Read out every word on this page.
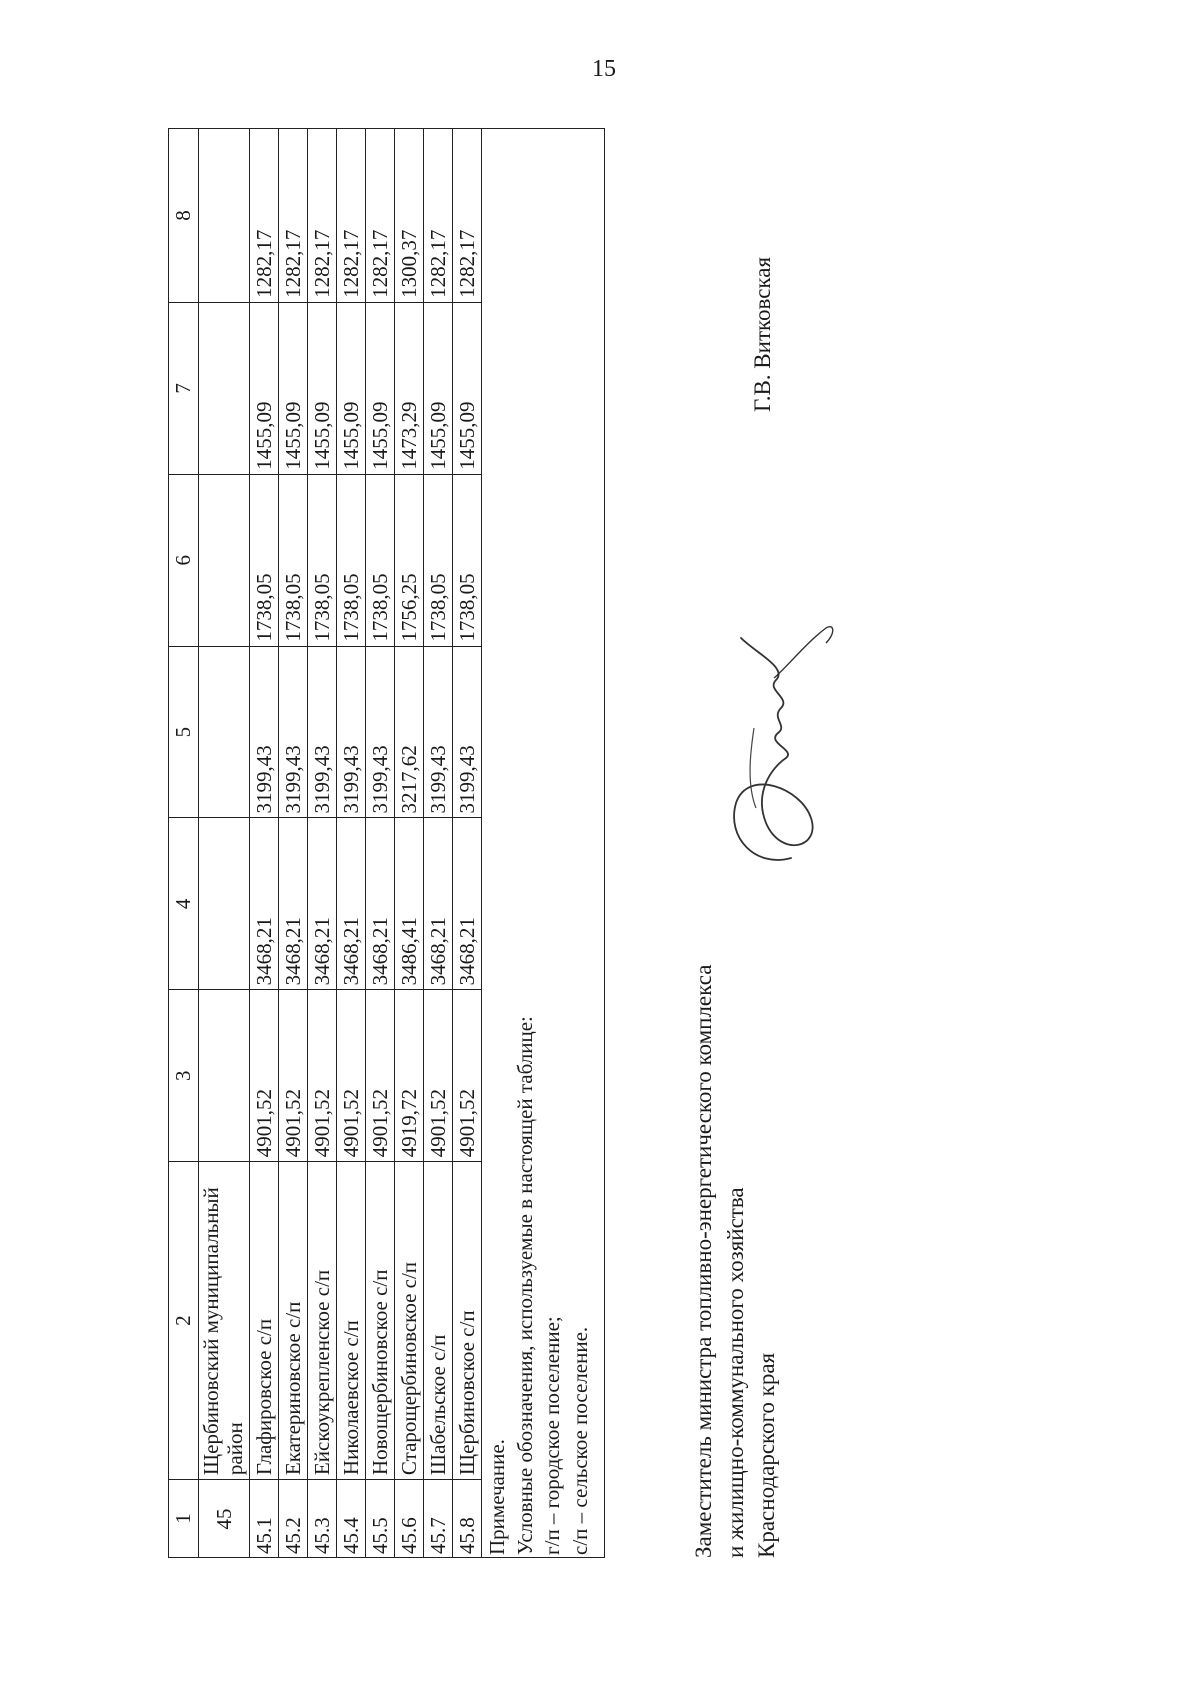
15
1	2	3	4	5	6	7	8
45	Щербиновский муниципальный район						
45.1	Глафировское с/п	4901,52	3468,21	3199,43	1738,05	1455,09	1282,17
45.2	Екатериновское с/п	4901,52	3468,21	3199,43	1738,05	1455,09	1282,17
45.3	Ейскоукрепленское с/п	4901,52	3468,21	3199,43	1738,05	1455,09	1282,17
45.4	Николаевское с/п	4901,52	3468,21	3199,43	1738,05	1455,09	1282,17
45.5	Новощербиновское с/п	4901,52	3468,21	3199,43	1738,05	1455,09	1282,17
45.6	Старощербиновское с/п	4919,72	3486,41	3217,62	1756,25	1473,29	1300,37
45.7	Шабельское с/п	4901,52	3468,21	3199,43	1738,05	1455,09	1282,17
45.8	Щербиновское с/п	4901,52	3468,21	3199,43	1738,05	1455,09	1282,17

Примечание. Условные обозначения, используемые в настоящей таблице: г/п – городское поселение; с/п – сельское поселение.								Заместитель министра топливно-энергетического комплекса и жилищно-коммунального хозяйства Краснодарского края
Г.В. Витковская
